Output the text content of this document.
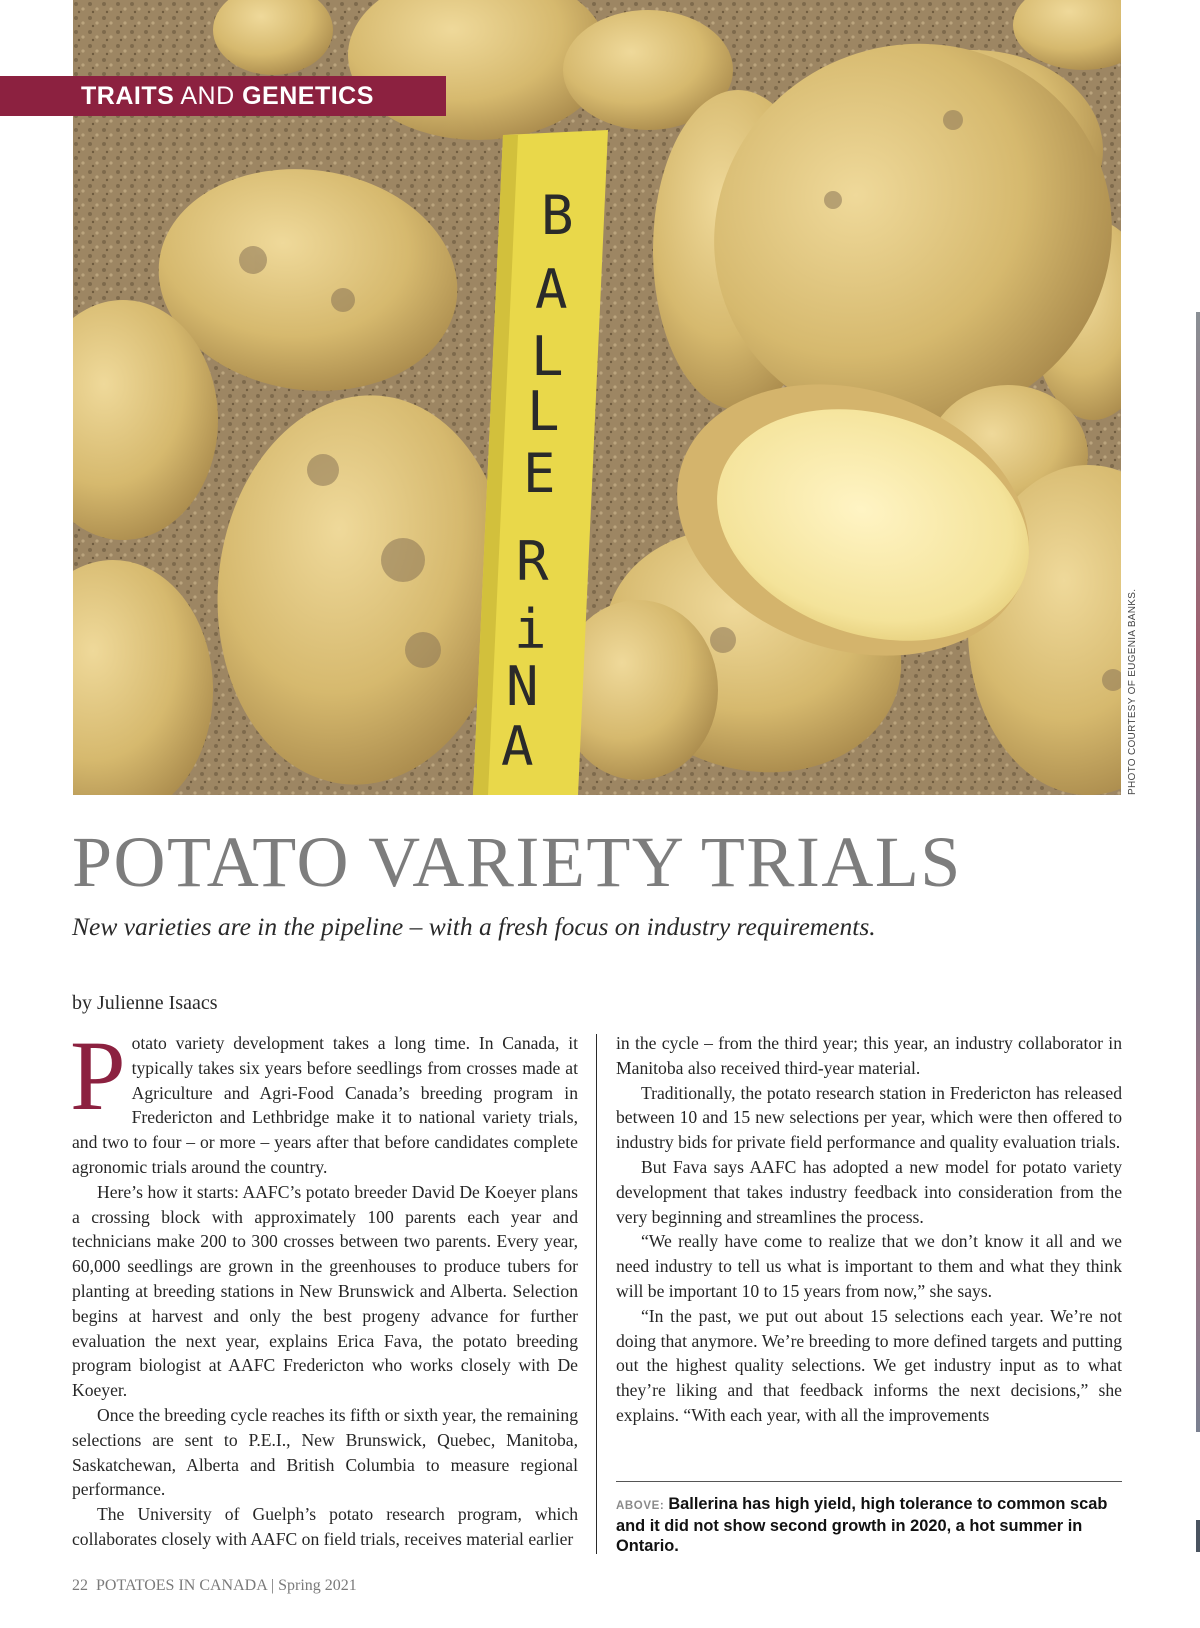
B
A
L
L
E
R
i
N
A
TRAITS AND GENETICS
PHOTO COURTESY OF EUGENIA BANKS.
POTATO VARIETY TRIALS

New varieties are in the pipeline – with a fresh focus on industry requirements.

by Julienne Isaacs

Potato variety development takes a long time. In Canada, it typically takes six years before seedlings from crosses made at Agriculture and Agri-Food Canada’s breeding program in Fredericton and Lethbridge make it to national variety trials, and two to four – or more – years after that before candidates complete agronomic trials around the country.

Here’s how it starts: AAFC’s potato breeder David De Koeyer plans a crossing block with approximately 100 parents each year and technicians make 200 to 300 crosses between two parents. Every year, 60,000 seedlings are grown in the greenhouses to produce tubers for planting at breeding stations in New Brunswick and Alberta. Selection begins at harvest and only the best progeny advance for further evaluation the next year, explains Erica Fava, the potato breeding program biologist at AAFC Fredericton who works closely with De Koeyer.

Once the breeding cycle reaches its fifth or sixth year, the remaining selections are sent to P.E.I., New Brunswick, Quebec, Manitoba, Saskatchewan, Alberta and British Columbia to measure regional performance.

The University of Guelph’s potato research program, which collaborates closely with AAFC on field trials, receives material earlier

in the cycle – from the third year; this year, an industry collaborator in Manitoba also received third-year material.

Traditionally, the potato research station in Fredericton has released between 10 and 15 new selections per year, which were then offered to industry bids for private field performance and quality evaluation trials.

But Fava says AAFC has adopted a new model for potato variety development that takes industry feedback into consideration from the very beginning and streamlines the process.

“We really have come to realize that we don’t know it all and we need industry to tell us what is important to them and what they think will be important 10 to 15 years from now,” she says.

“In the past, we put out about 15 selections each year. We’re not doing that anymore. We’re breeding to more defined targets and putting out the highest quality selections. We get industry input as to what they’re liking and that feedback informs the next decisions,” she explains. “With each year, with all the improvements

ABOVE: Ballerina has high yield, high tolerance to common scab and it did not show second growth in 2020, a hot summer in Ontario.
22 POTATOES IN CANADA | Spring 2021
